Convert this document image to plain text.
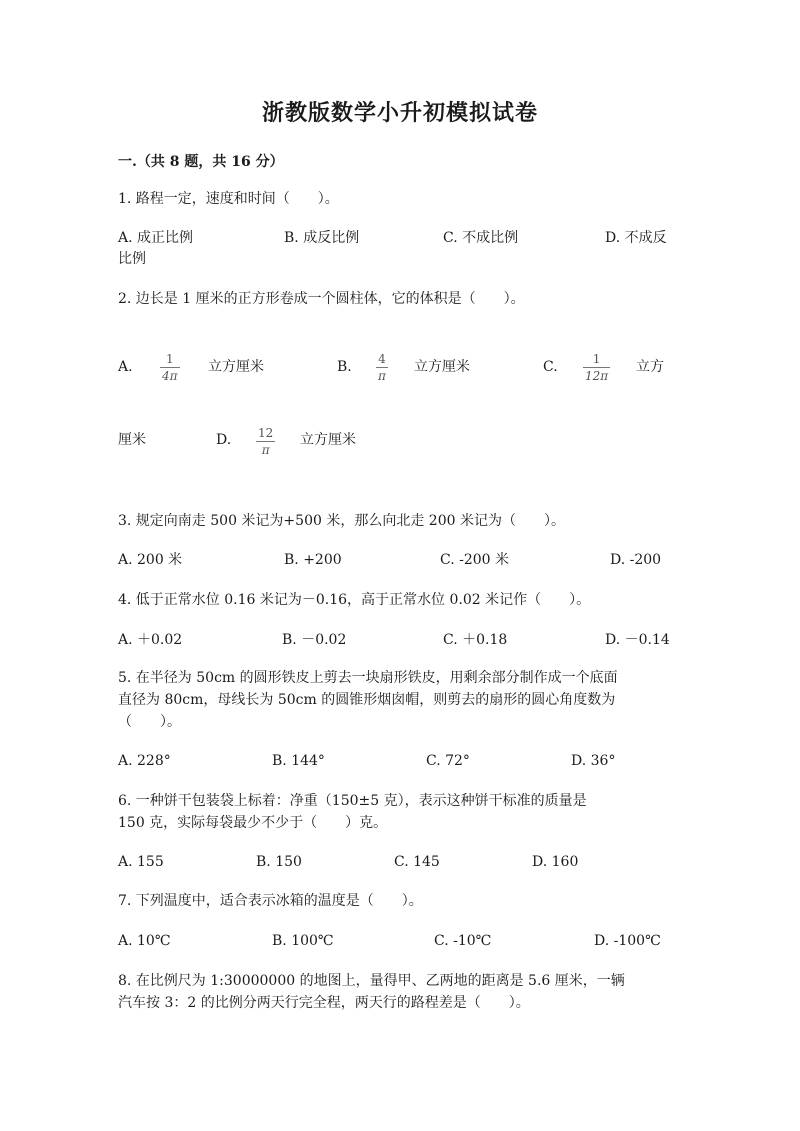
浙教版数学小升初模拟试卷
一.（共 8 题，共 16 分）
1. 路程一定，速度和时间（　　）。
A. 成正比例	B. 成反比例	C. 不成比例	D. 不成反
比例
2. 边长是 1 厘米的正方形卷成一个圆柱体，它的体积是（　　）。
A.	1
4π
立方厘米	B. 4
π
立方厘米	C.	1
12π
立方
厘米	D. 12
π
立方厘米
3. 规定向南走 500 米记为+500 米，那么向北走 200 米记为（　　）。
A. 200 米	B. +200	C. -200 米	D. -200
4. 低于正常水位 0.16 米记为－0.16，高于正常水位 0.02 米记作（　　）。
A. ＋0.02	B. －0.02	C. ＋0.18	D. －0.14
5. 在半径为 50cm 的圆形铁皮上剪去一块扇形铁皮，用剩余部分制作成一个底面
直径为 80cm，母线长为 50cm 的圆锥形烟囱帽，则剪去的扇形的圆心角度数为
（　　）。
A. 228°	B. 144°	C. 72°	D. 36°
6. 一种饼干包装袋上标着：净重（150±5 克），表示这种饼干标准的质量是
150 克，实际每袋最少不少于（　　）克。
A. 155	B. 150	C. 145	D. 160
7. 下列温度中，适合表示冰箱的温度是（　　）。
A. 10℃	B. 100℃	C. -10℃	D. -100℃
8. 在比例尺为 1:30000000 的地图上，量得甲、乙两地的距离是 5.6 厘米，一辆
汽车按 3：2 的比例分两天行完全程，两天行的路程差是（　　）。
